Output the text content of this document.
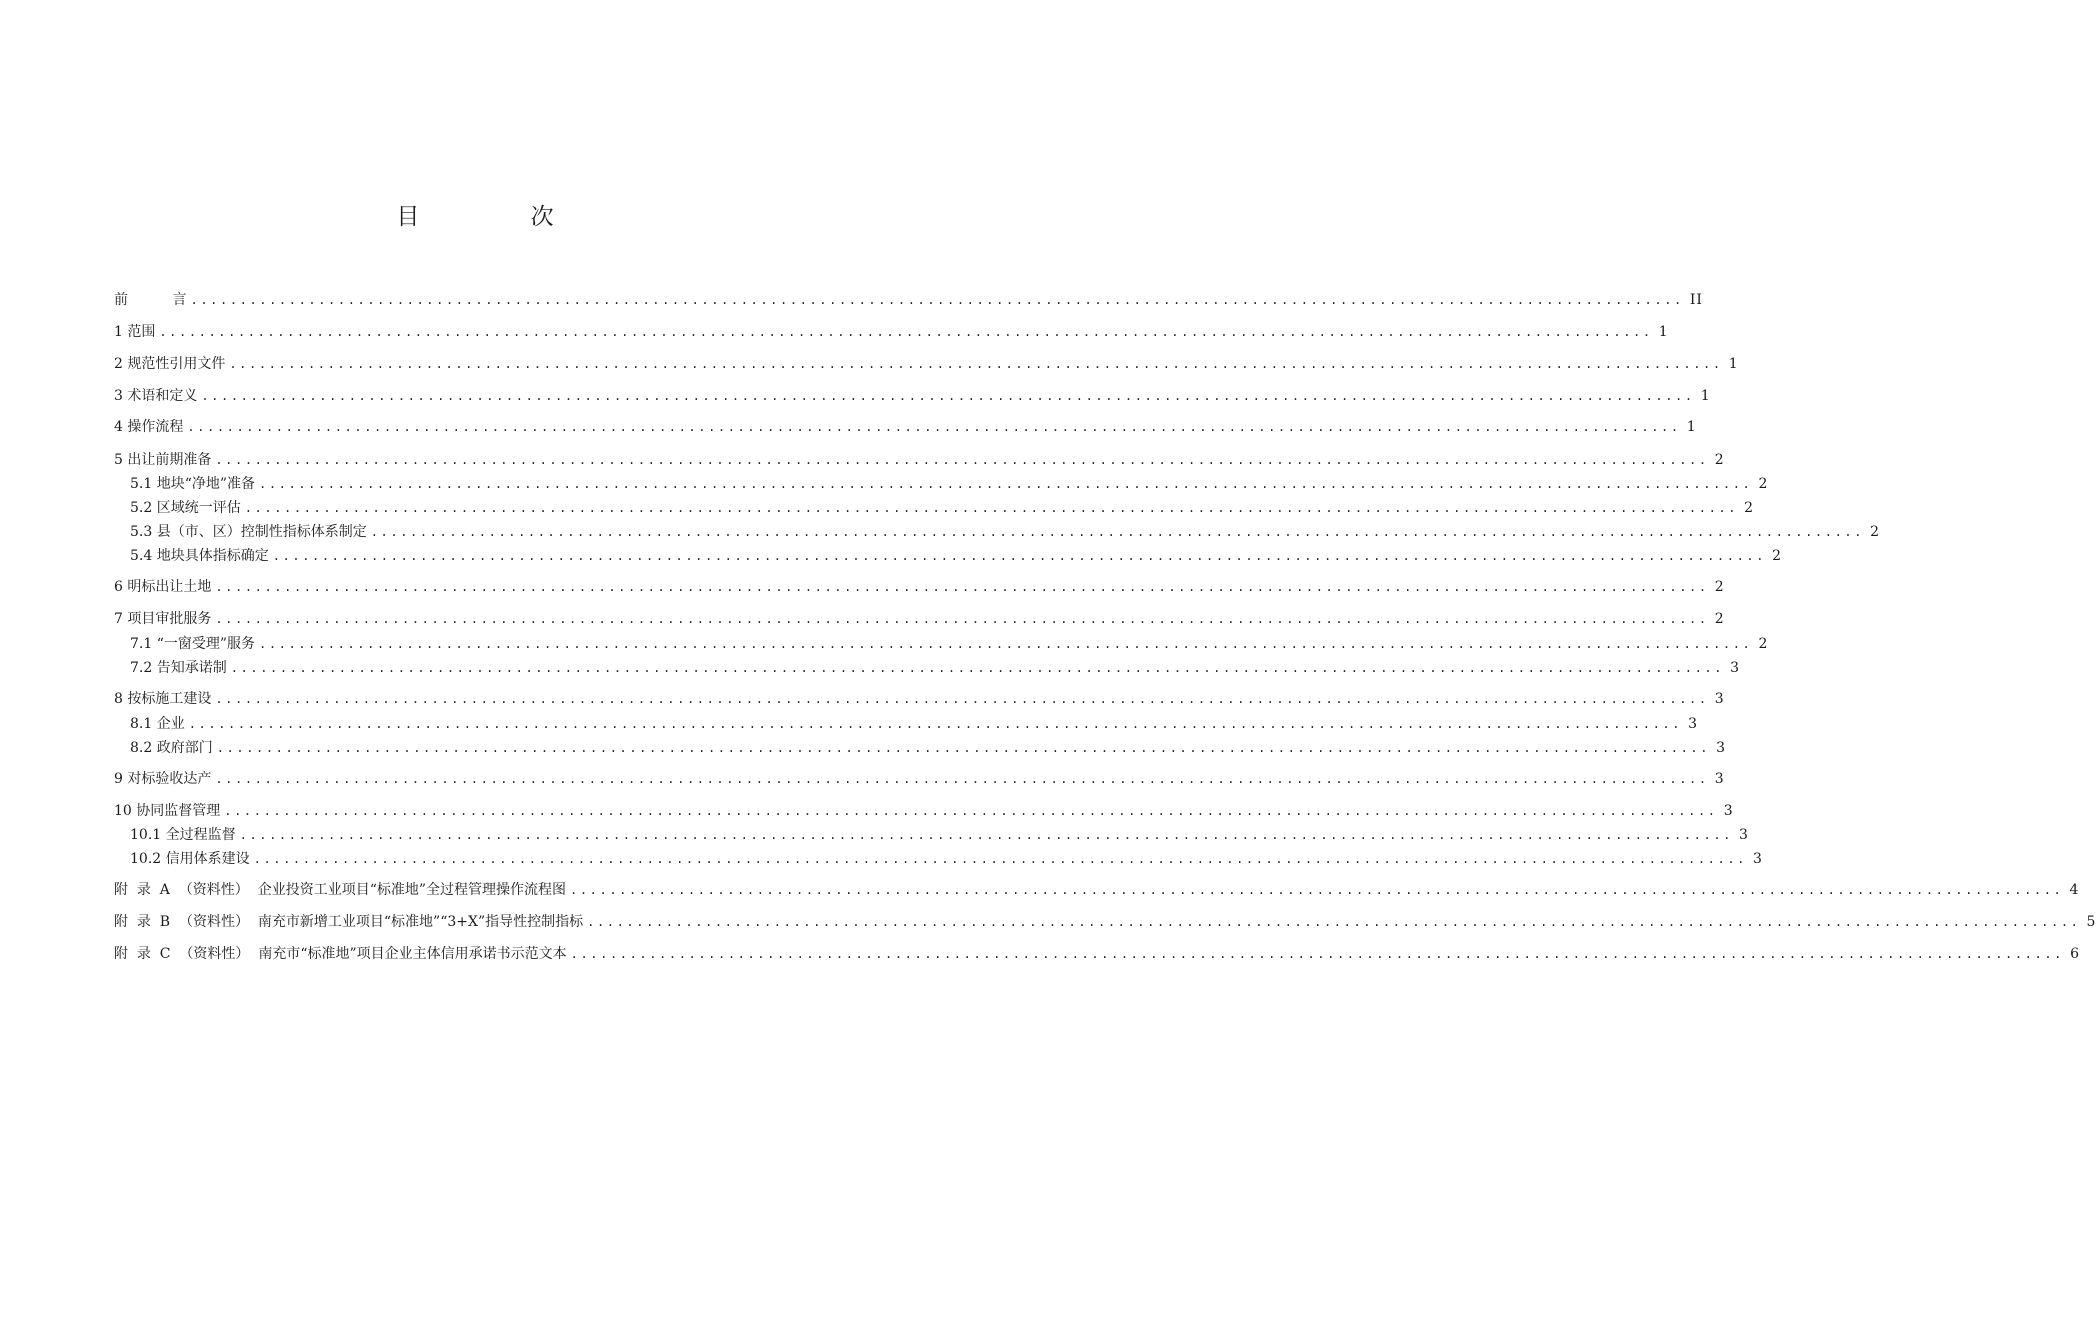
目 次
前          言 ........................................................................................................................................................ II
1 范围 ........................................................................................................................................................ 1
2 规范性引用文件 ........................................................................................................................................................ 1
3 术语和定义 ........................................................................................................................................................ 1
4 操作流程 ........................................................................................................................................................ 1
5 出让前期准备 ........................................................................................................................................................ 2
5.1 地块“净地”准备 ........................................................................................................................................................ 2
5.2 区域统一评估 ........................................................................................................................................................ 2
5.3 县（市、区）控制性指标体系制定 ........................................................................................................................................................ 2
5.4 地块具体指标确定 ........................................................................................................................................................ 2
6 明标出让土地 ........................................................................................................................................................ 2
7 项目审批服务 ........................................................................................................................................................ 2
7.1 “一窗受理”服务 ........................................................................................................................................................ 2
7.2 告知承诺制 ........................................................................................................................................................ 3
8 按标施工建设 ........................................................................................................................................................ 3
8.1 企业 ........................................................................................................................................................ 3
8.2 政府部门 ........................................................................................................................................................ 3
9 对标验收达产 ........................................................................................................................................................ 3
10 协同监督管理 ........................................................................................................................................................ 3
10.1 全过程监督 ........................................................................................................................................................ 3
10.2 信用体系建设 ........................................................................................................................................................ 3
附  录  A  （资料性）  企业投资工业项目“标准地”全过程管理操作流程图 ........................................................................................................................................................ 4
附  录  B  （资料性）  南充市新增工业项目“标准地”“3+X”指导性控制指标 ........................................................................................................................................................ 5
附  录  C  （资料性）  南充市“标准地”项目企业主体信用承诺书示范文本 ........................................................................................................................................................ 6
